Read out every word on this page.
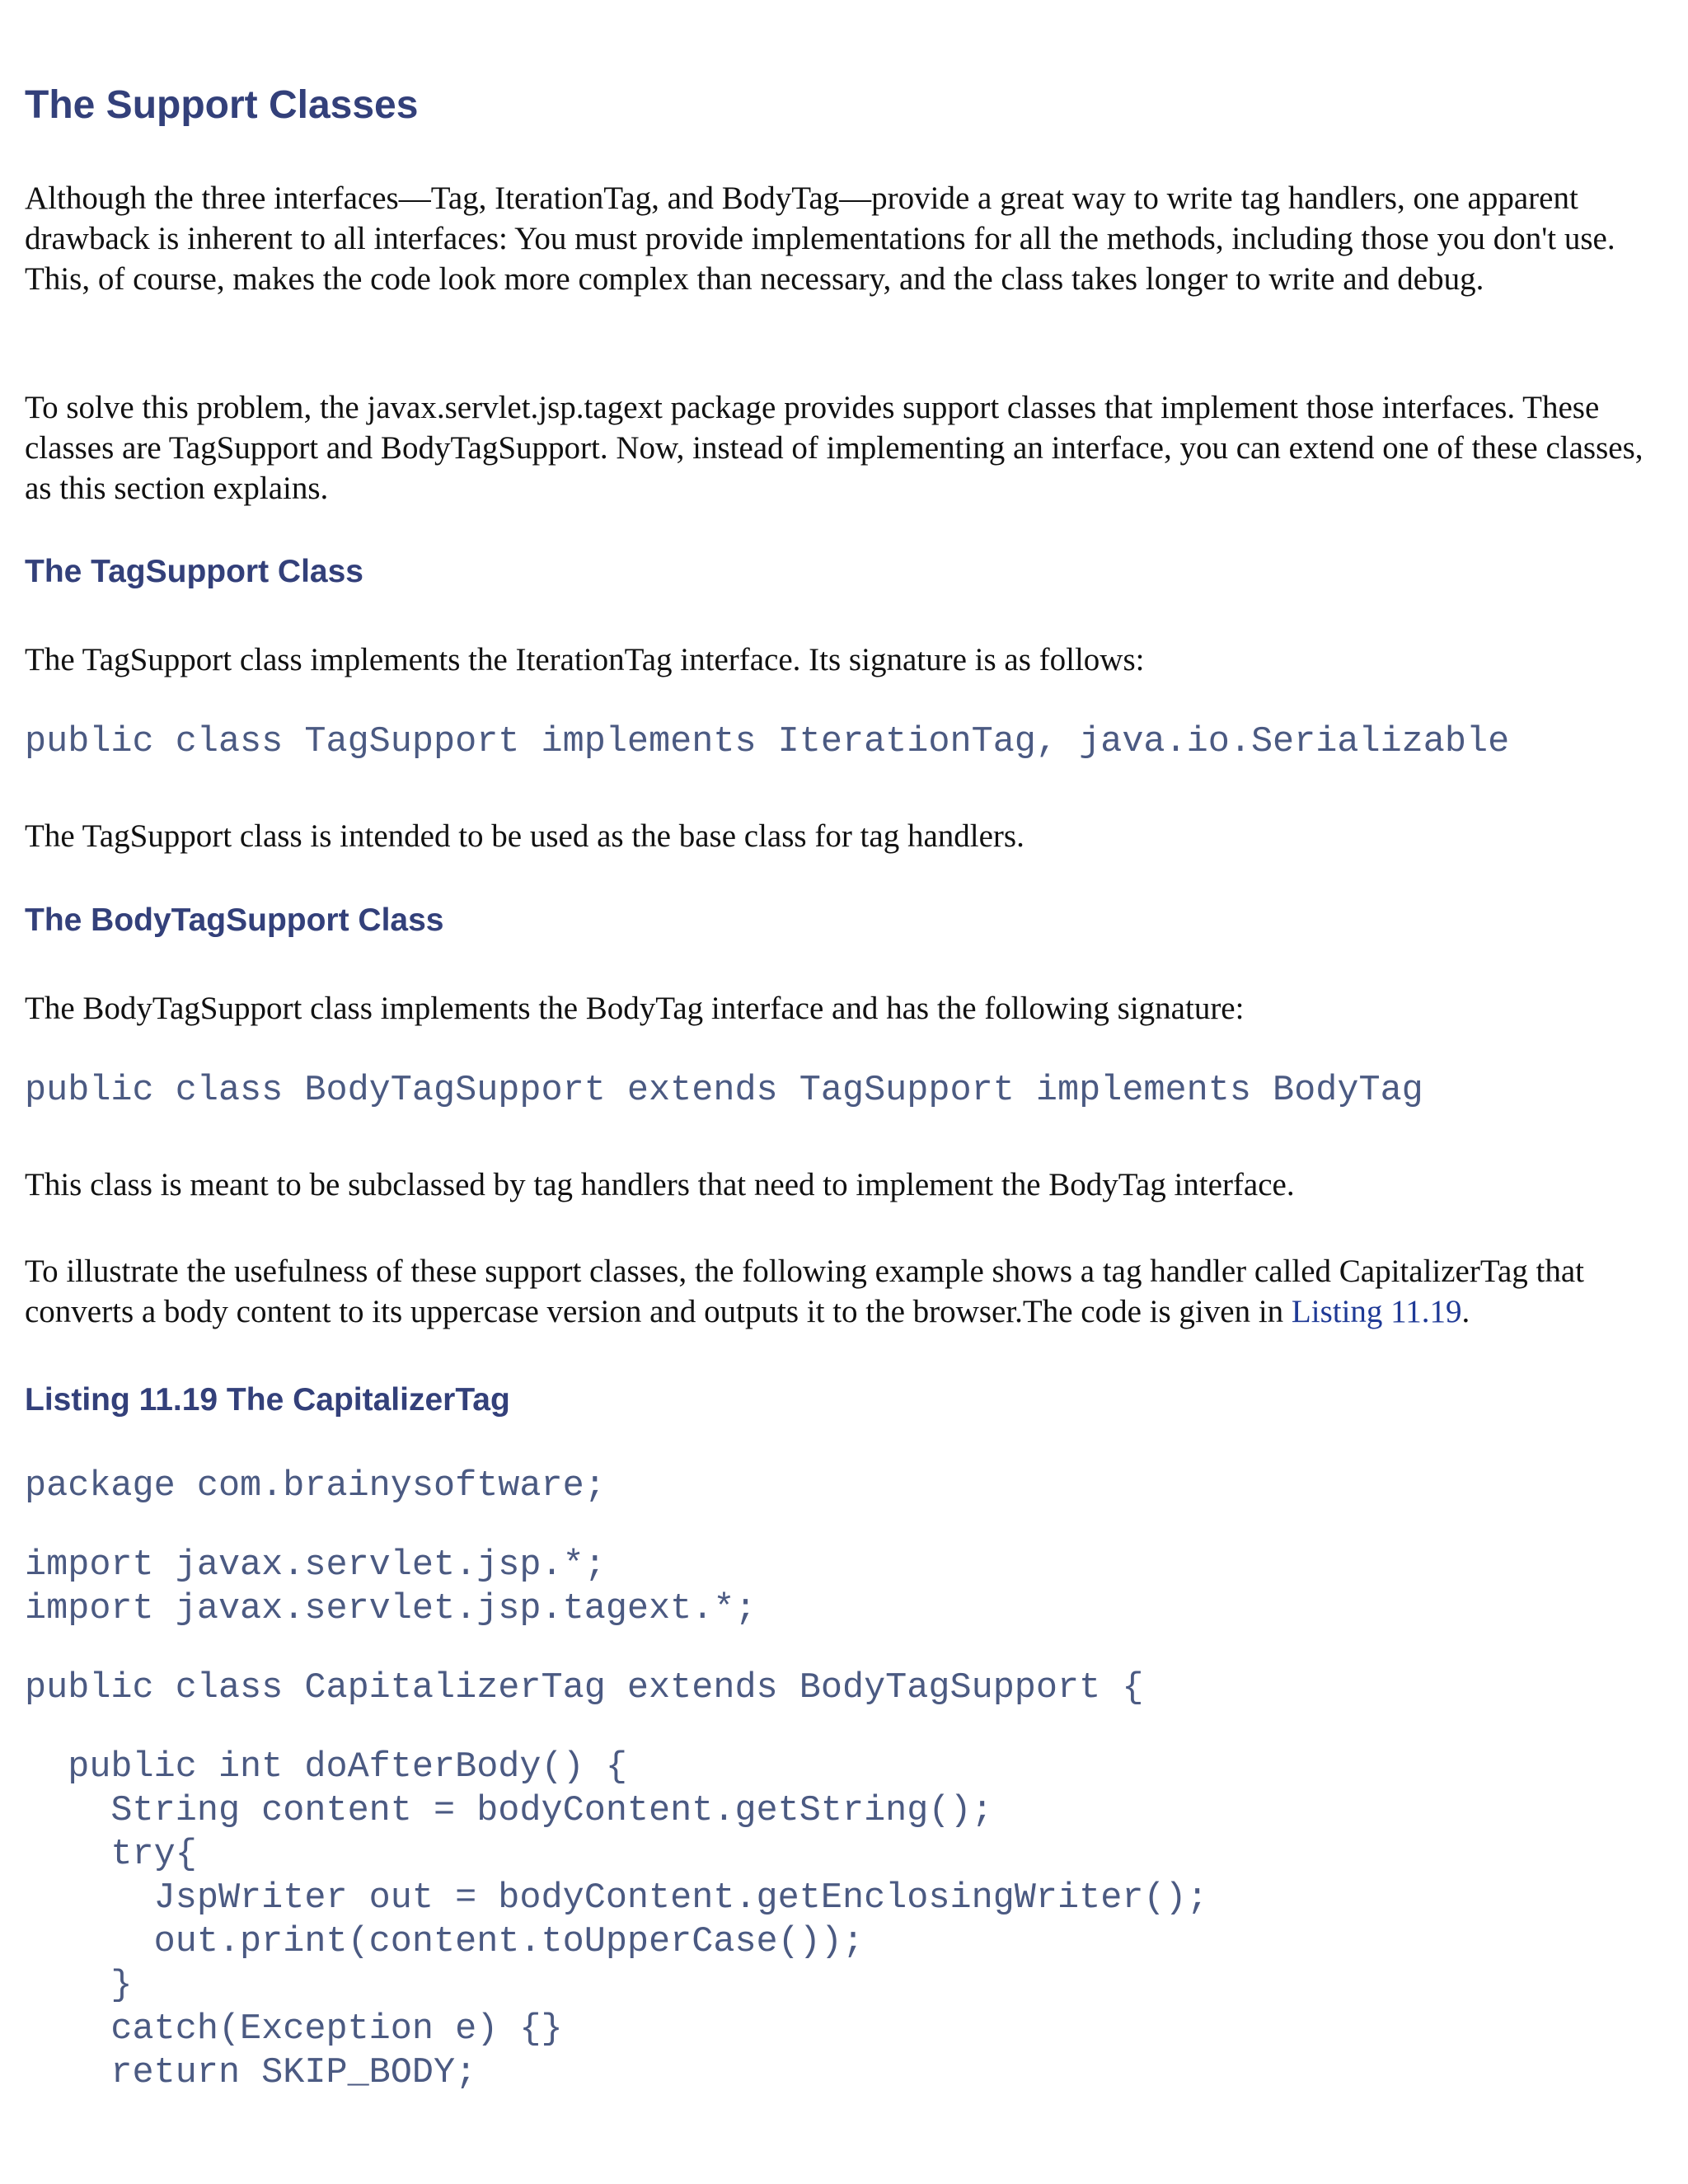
The Support Classes

Although the three interfaces—Tag, IterationTag, and BodyTag—provide a great way to write tag handlers, one apparent drawback is inherent to all interfaces: You must provide implementations for all the methods, including those you don't use. This, of course, makes the code look more complex than necessary, and the class takes longer to write and debug.

To solve this problem, the javax.servlet.jsp.tagext package provides support classes that implement those interfaces. These classes are TagSupport and BodyTagSupport. Now, instead of implementing an interface, you can extend one of these classes, as this section explains.

The TagSupport Class

The TagSupport class implements the IterationTag interface. Its signature is as follows:

public class TagSupport implements IterationTag, java.io.Serializable

The TagSupport class is intended to be used as the base class for tag handlers.

The BodyTagSupport Class

The BodyTagSupport class implements the BodyTag interface and has the following signature:

public class BodyTagSupport extends TagSupport implements BodyTag

This class is meant to be subclassed by tag handlers that need to implement the BodyTag interface.

To illustrate the usefulness of these support classes, the following example shows a tag handler called CapitalizerTag that converts a body content to its uppercase version and outputs it to the browser.The code is given in Listing 11.19.

Listing 11.19 The CapitalizerTag
package com.brainysoftware;
import javax.servlet.jsp.*;
import javax.servlet.jsp.tagext.*;
public class CapitalizerTag extends BodyTagSupport {
public int doAfterBody() {
String content = bodyContent.getString();
try{
JspWriter out = bodyContent.getEnclosingWriter();
out.print(content.toUpperCase());
}
catch(Exception e) {}
return SKIP_BODY;
